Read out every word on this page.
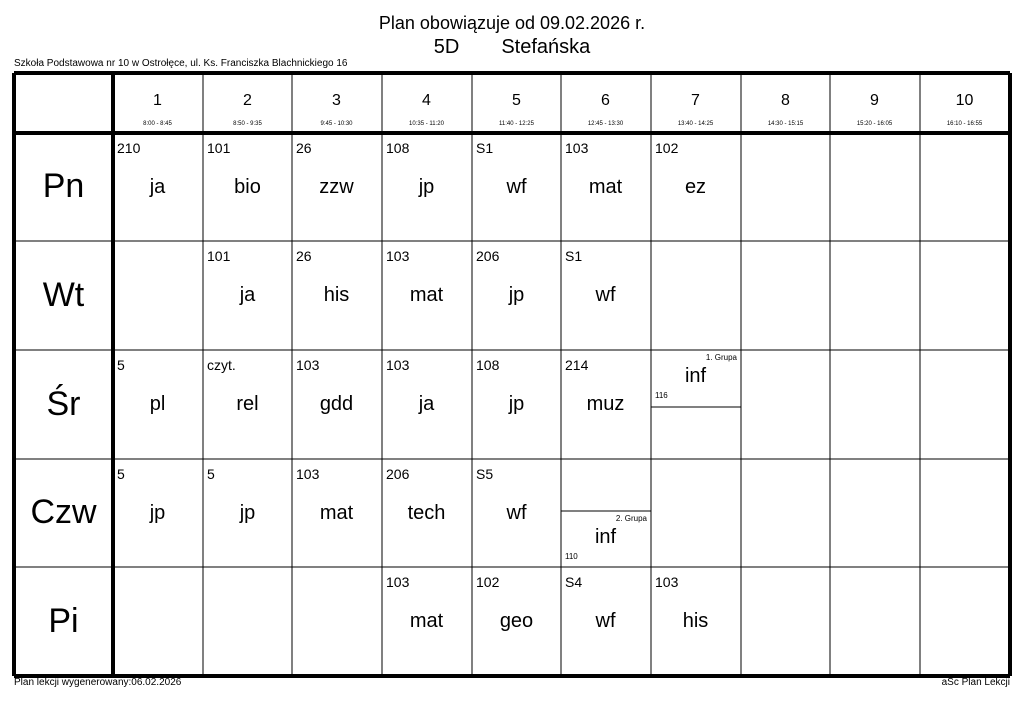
Plan obowiązuje od 09.02.2026 r.
5D Stefańska
Szkoła Podstawowa nr 10 w Ostrołęce, ul. Ks. Franciszka Blachnickiego 16
1
8:00 - 8:45
2
8:50 - 9:35
3
9:45 - 10:30
4
10:35 - 11:20
5
11:40 - 12:25
6
12:45 - 13:30
7
13:40 - 14:25
8
14:30 - 15:15
9
15:20 - 16:05
10
16:10 - 16:55
Pn
Wt
Śr
Czw
Pi
210
ja
101
bio
26
zzw
108
jp
S1
wf
103
mat
102
ez
101
ja
26
his
103
mat
206
jp
S1
wf
5
pl
czyt.
rel
103
gdd
103
ja
108
jp
214
muz
5
jp
5
jp
103
mat
206
tech
S5
wf
103
mat
102
geo
S4
wf
103
his
1. Grupa
inf
116
2. Grupa
inf
110
Plan lekcji wygenerowany:06.02.2026	aSc Plan Lekcji
